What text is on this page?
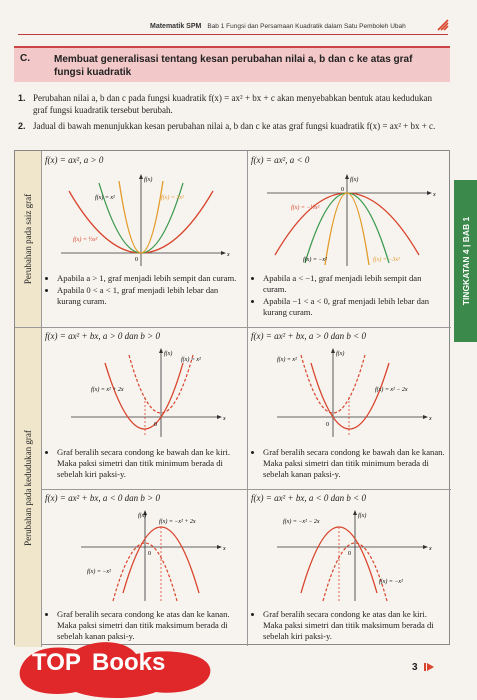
Matematik SPM Bab 1 Fungsi dan Persamaan Kuadratik dalam Satu Pemboleh Ubah
C. Membuat generalisasi tentang kesan perubahan nilai a, b dan c ke atas graf fungsi kuadratik
1. Perubahan nilai a, b dan c pada fungsi kuadratik f(x) = ax² + bx + c akan menyebabkan bentuk atau kedudukan graf fungsi kuadratik tersebut berubah.
2. Jadual di bawah menunjukkan kesan perubahan nilai a, b dan c ke atas graf fungsi kuadratik f(x) = ax² + bx + c.
Perubahan pada saiz graf
Perubahan pada kedudukan graf
f(x) = ax², a > 0
f(x)
f(x) = x²	f(x) = 3x²
f(x) = ½x²
x
0
• Apabila a > 1, graf menjadi lebih sempit dan curam.
• Apabila 0 < a < 1, graf menjadi lebih lebar dan kurang curam.
f(x) = ax², a < 0
f(x)
f(x) = −½x²
f(x) = −x²	f(x) = −3x²
x
0
• Apabila a < −1, graf menjadi lebih sempit dan curam.
• Apabila −1 < a < 0, graf menjadi lebih lebar dan kurang curam.
f(x) = ax² + bx, a > 0 dan b > 0
f(x)
f(x) = x²
f(x) = x² + 2x
x
0
• Graf beralih secara condong ke bawah dan ke kiri. Maka paksi simetri dan titik minimum berada di sebelah kiri paksi-y.
f(x) = ax² + bx, a > 0 dan b < 0
f(x)
f(x) = x²
f(x) = x² − 2x
x
0
• Graf beralih secara condong ke bawah dan ke kanan. Maka paksi simetri dan titik minimum berada di sebelah kanan paksi-y.
f(x) = ax² + bx, a < 0 dan b > 0
f(x)
f(x) = −x² + 2x
f(x) = −x²
x
0
• Graf beralih secara condong ke atas dan ke kanan. Maka paksi simetri dan titik maksimum berada di sebelah kanan paksi-y.
f(x) = ax² + bx, a < 0 dan b < 0
f(x)
f(x) = −x² − 2x
f(x) = −x²
x
0
• Graf beralih secara condong ke atas dan ke kiri. Maka paksi simetri dan titik maksimum berada di sebelah kiri paksi-y.
TINGKATAN 4 | BAB 1
TOP Books	3
